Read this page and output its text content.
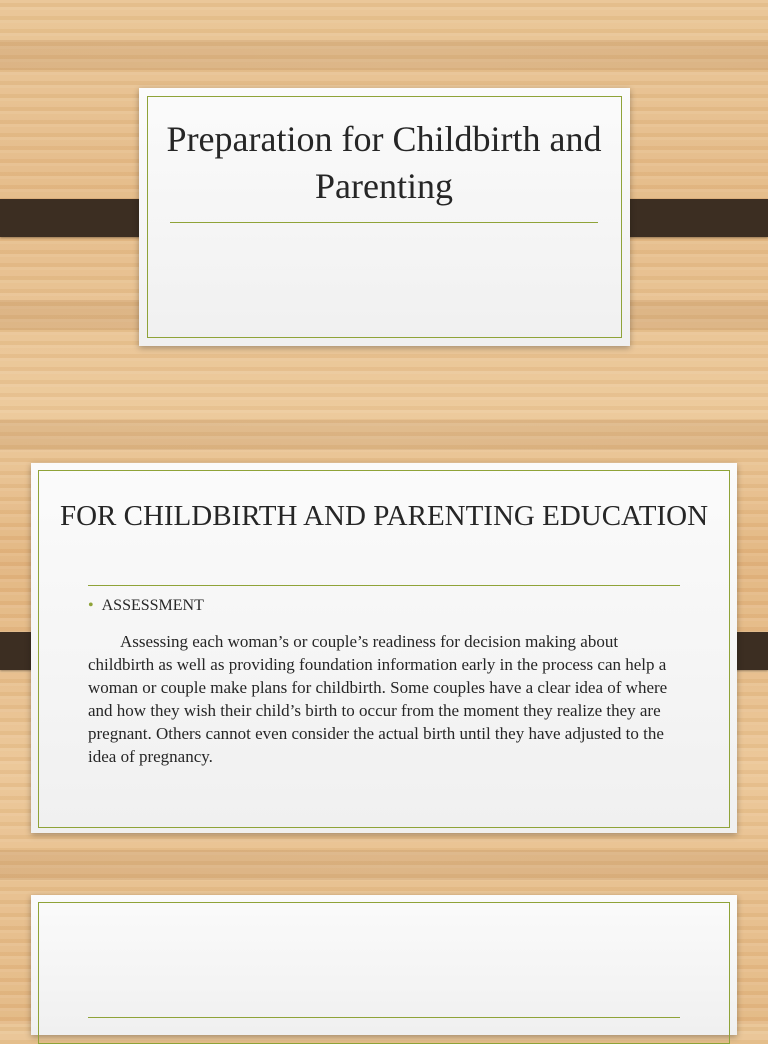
Preparation for Childbirth and Parenting
FOR CHILDBIRTH AND PARENTING EDUCATION
• ASSESSMENT
Assessing each woman’s or couple’s readiness for decision making about childbirth as well as providing foundation information early in the process can help a woman or couple make plans for childbirth. Some couples have a clear idea of where and how they wish their child’s birth to occur from the moment they realize they are pregnant. Others cannot even consider the actual birth until they have adjusted to the idea of pregnancy.
